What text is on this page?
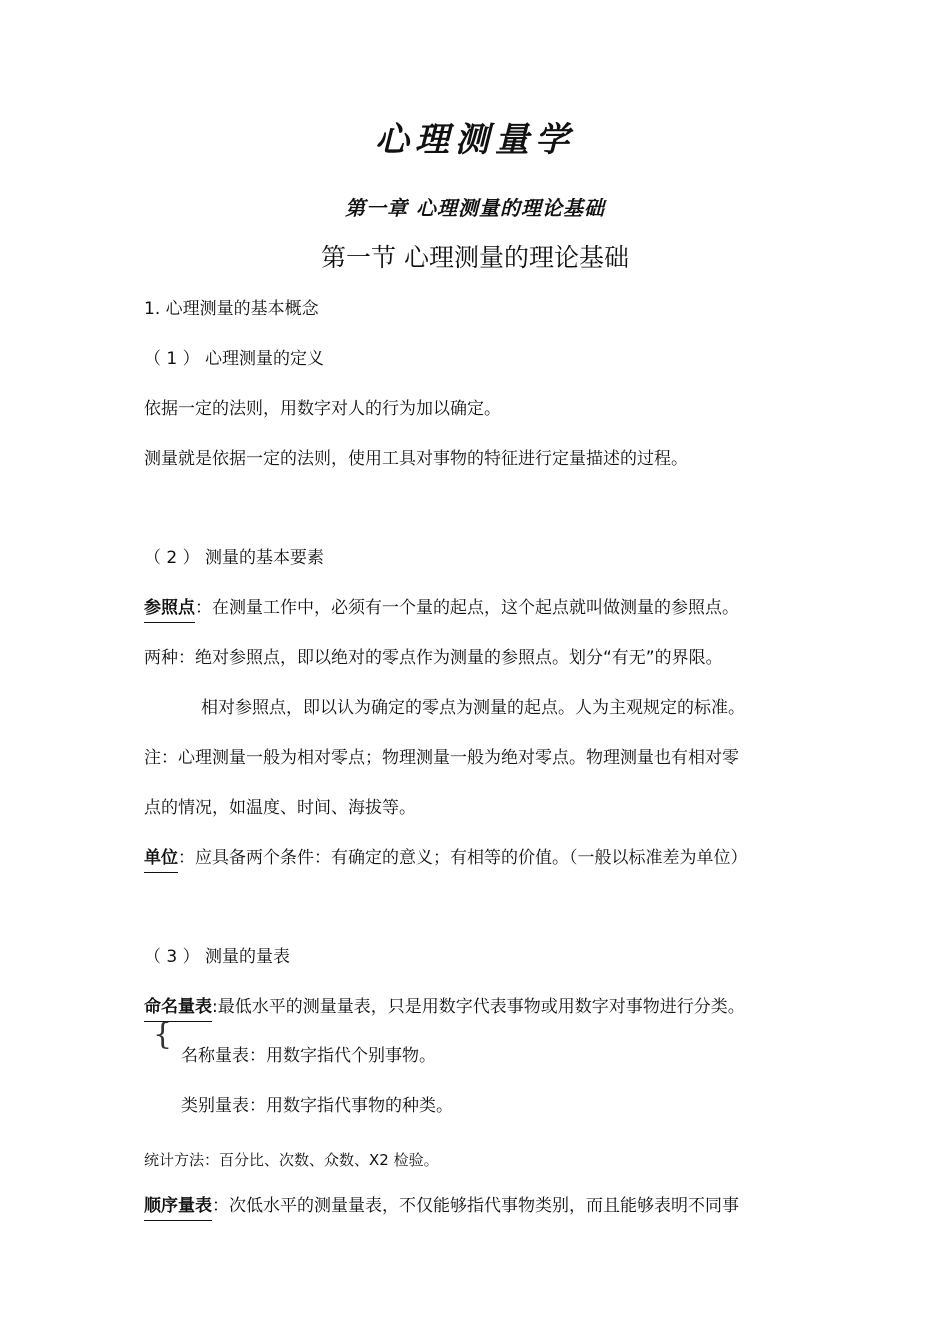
心理测量学
第一章 心理测量的理论基础
第一节 心理测量的理论基础
1. 心理测量的基本概念
（ 1 ） 心理测量的定义
依据一定的法则，用数字对人的行为加以确定。
测量就是依据一定的法则，使用工具对事物的特征进行定量描述的过程。
（ 2 ） 测量的基本要素
参照点：在测量工作中，必须有一个量的起点，这个起点就叫做测量的参照点。
两种：绝对参照点，即以绝对的零点作为测量的参照点。划分“有无”的界限。
相对参照点，即以认为确定的零点为测量的起点。人为主观规定的标准。
注：心理测量一般为相对零点；物理测量一般为绝对零点。物理测量也有相对零
点的情况，如温度、时间、海拔等。
单位：应具备两个条件：有确定的意义；有相等的价值。（一般以标准差为单位）
（ 3 ） 测量的量表
命名量表:最低水平的测量量表，只是用数字代表事物或用数字对事物进行分类。
{
名称量表：用数字指代个别事物。
类别量表：用数字指代事物的种类。
统计方法：百分比、次数、众数、X2 检验。
顺序量表：次低水平的测量量表，不仅能够指代事物类别，而且能够表明不同事
